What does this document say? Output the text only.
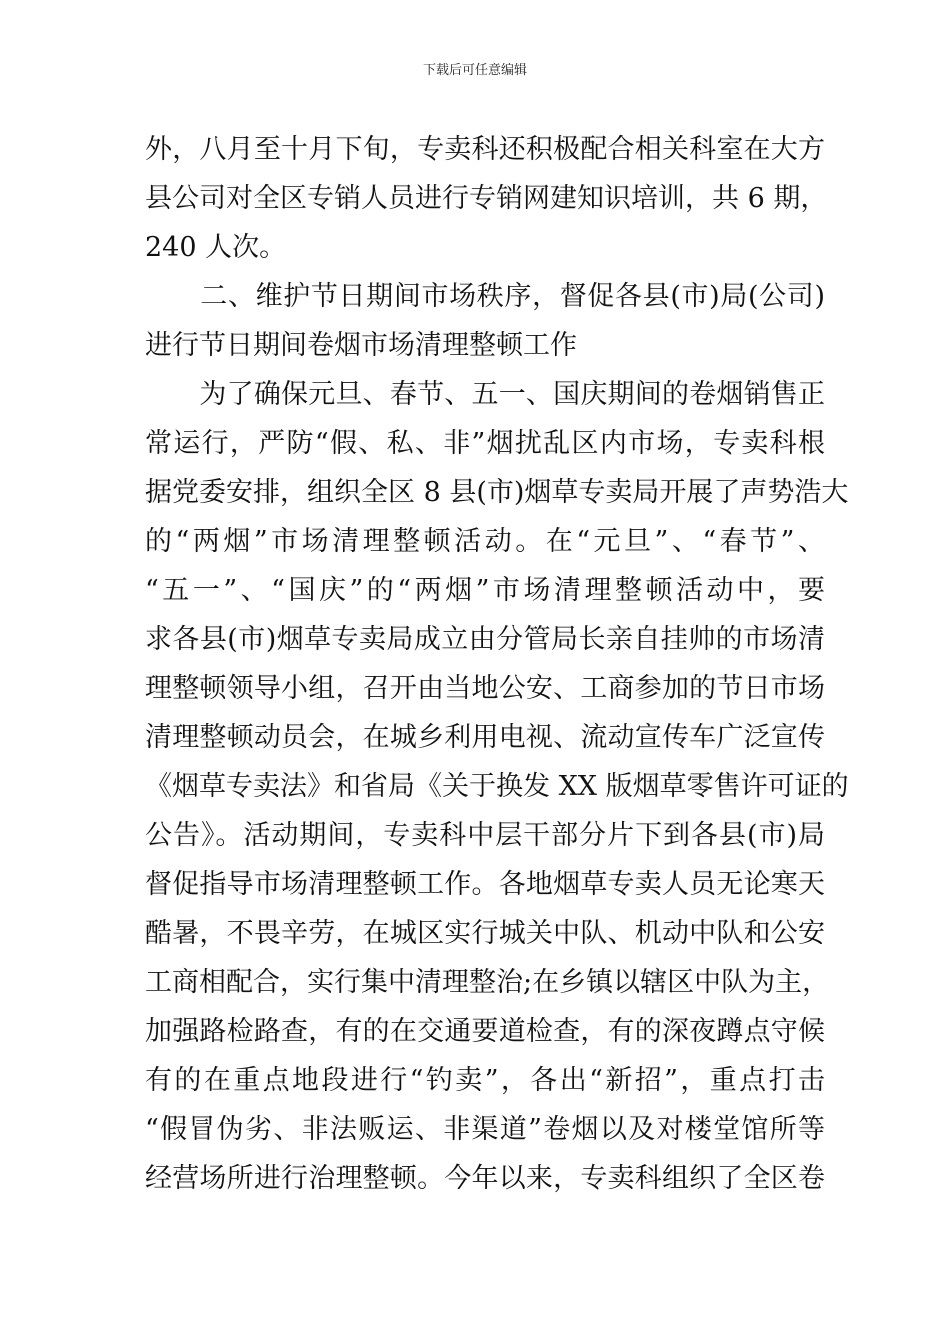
下载后可任意编辑
外，八月至十月下旬，专卖科还积极配合相关科室在大方
县公司对全区专销人员进行专销网建知识培训，共 6 期，
240 人次。
　　二、维护节日期间市场秩序，督促各县(市)局(公司)
进行节日期间卷烟市场清理整顿工作
　　为了确保元旦、春节、五一、国庆期间的卷烟销售正
常运行，严防“假、私、非”烟扰乱区内市场，专卖科根
据党委安排，组织全区 8 县(市)烟草专卖局开展了声势浩大
的“两烟”市场清理整顿活动。在“元旦”、“春节”、
“五一”、“国庆”的“两烟”市场清理整顿活动中，要
求各县(市)烟草专卖局成立由分管局长亲自挂帅的市场清
理整顿领导小组，召开由当地公安、工商参加的节日市场
清理整顿动员会，在城乡利用电视、流动宣传车广泛宣传
《烟草专卖法》和省局《关于换发 XX 版烟草零售许可证的
公告》。活动期间，专卖科中层干部分片下到各县(市)局
督促指导市场清理整顿工作。各地烟草专卖人员无论寒天
酷暑，不畏辛劳，在城区实行城关中队、机动中队和公安
工商相配合，实行集中清理整治;在乡镇以辖区中队为主，
加强路检路查，有的在交通要道检查，有的深夜蹲点守候
有的在重点地段进行“钓卖”，各出“新招”，重点打击
“假冒伪劣、非法贩运、非渠道”卷烟以及对楼堂馆所等
经营场所进行治理整顿。今年以来，专卖科组织了全区卷
